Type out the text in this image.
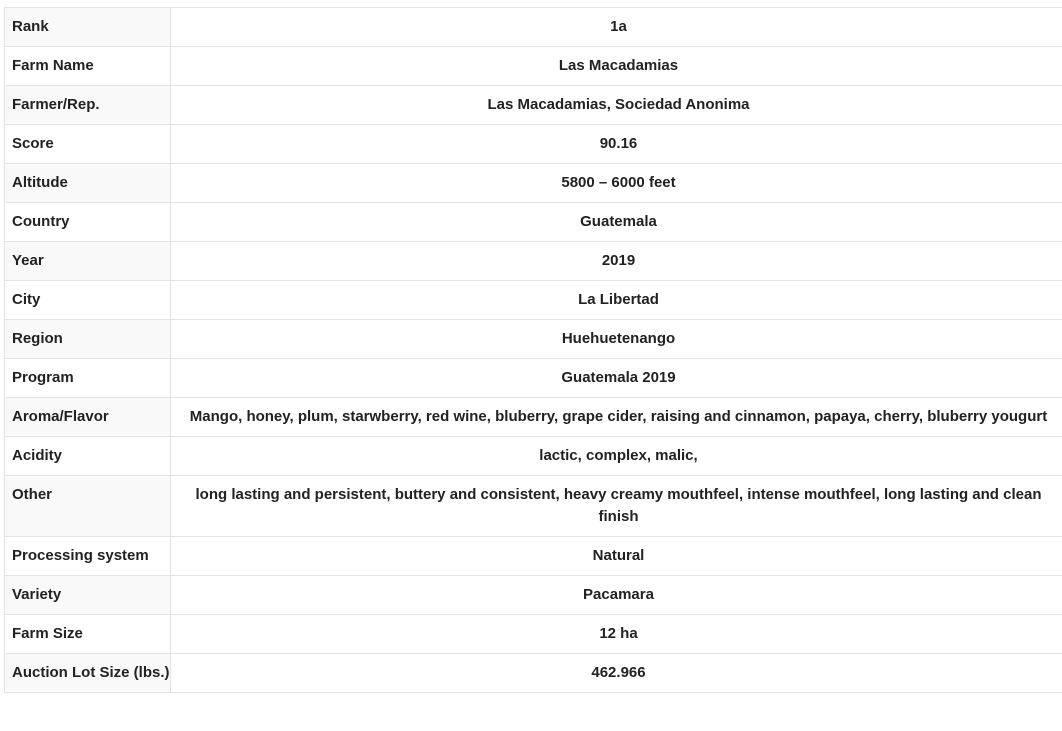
Rank	1a
Farm Name	Las Macadamias
Farmer/Rep.	Las Macadamias, Sociedad Anonima
Score	90.16
Altitude	5800 – 6000 feet
Country	Guatemala
Year	2019
City	La Libertad
Region	Huehuetenango
Program	Guatemala 2019
Aroma/Flavor	Mango, honey, plum, starwberry, red wine, bluberry, grape cider, raising and cinnamon, papaya, cherry, bluberry yougurt
Acidity	lactic, complex, malic,
Other	long lasting and persistent, buttery and consistent, heavy creamy mouthfeel, intense mouthfeel, long lasting and clean finish
Processing system	Natural
Variety	Pacamara
Farm Size	12 ha
Auction Lot Size (lbs.)	462.966
